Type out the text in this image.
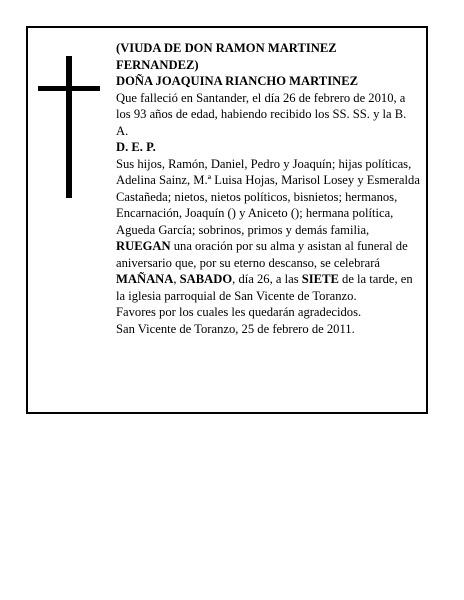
(VIUDA DE DON RAMON MARTINEZ FERNANDEZ)

DOÑA JOAQUINA RIANCHO MARTINEZ

Que falleció en Santander, el día 26 de febrero de 2010, a los 93 años de edad, habiendo recibido los SS. SS. y la B. A.

D. E. P.

Sus hijos, Ramón, Daniel, Pedro y Joaquín; hijas políticas, Adelina Sainz, M.ª Luisa Hojas, Marisol Losey y Esmeralda Castañeda; nietos, nietos políticos, bisnietos; hermanos, Encarnación, Joaquín () y Aniceto (); hermana política, Agueda García; sobrinos, primos y demás familia,

RUEGAN una oración por su alma y asistan al funeral de aniversario que, por su eterno descanso, se celebrará MAÑANA, SABADO, día 26, a las SIETE de la tarde, en la iglesia parroquial de San Vicente de Toranzo.

Favores por los cuales les quedarán agradecidos.

San Vicente de Toranzo, 25 de febrero de 2011.
